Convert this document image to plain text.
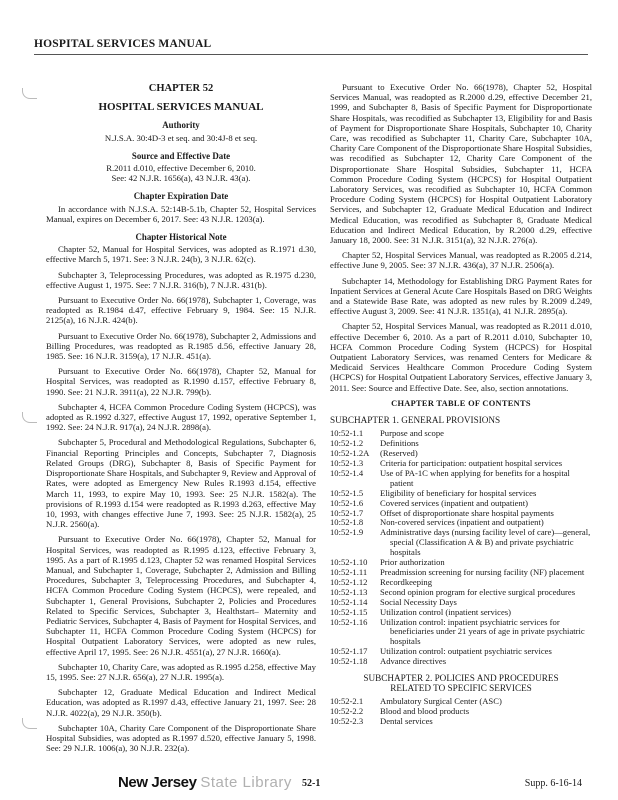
HOSPITAL SERVICES MANUAL
CHAPTER 52
HOSPITAL SERVICES MANUAL
Authority
N.J.S.A. 30:4D-3 et seq. and 30:4J-8 et seq.
Source and Effective Date
R.2011 d.010, effective December 6, 2010.
See: 42 N.J.R. 1656(a), 43 N.J.R. 43(a).
Chapter Expiration Date

In accordance with N.J.S.A. 52:14B-5.1b, Chapter 52, Hospital Services Manual, expires on December 6, 2017. See: 43 N.J.R. 1203(a).

Chapter Historical Note

Chapter 52, Manual for Hospital Services, was adopted as R.1971 d.30, effective March 5, 1971. See: 3 N.J.R. 24(b), 3 N.J.R. 62(c).

Subchapter 3, Teleprocessing Procedures, was adopted as R.1975 d.230, effective August 1, 1975. See: 7 N.J.R. 316(b), 7 N.J.R. 431(b).

Pursuant to Executive Order No. 66(1978), Subchapter 1, Coverage, was readopted as R.1984 d.47, effective February 9, 1984. See: 15 N.J.R. 2125(a), 16 N.J.R. 424(b).

Pursuant to Executive Order No. 66(1978), Subchapter 2, Admissions and Billing Procedures, was readopted as R.1985 d.56, effective January 28, 1985. See: 16 N.J.R. 3159(a), 17 N.J.R. 451(a).

Pursuant to Executive Order No. 66(1978), Chapter 52, Manual for Hospital Services, was readopted as R.1990 d.157, effective February 8, 1990. See: 21 N.J.R. 3911(a), 22 N.J.R. 799(b).

Subchapter 4, HCFA Common Procedure Coding System (HCPCS), was adopted as R.1992 d.327, effective August 17, 1992, operative September 1, 1992. See: 24 N.J.R. 917(a), 24 N.J.R. 2898(a).

Subchapter 5, Procedural and Methodological Regulations, Subchapter 6, Financial Reporting Principles and Concepts, Subchapter 7, Diagnosis Related Groups (DRG), Subchapter 8, Basis of Specific Payment for Disproportionate Share Hospitals, and Subchapter 9, Review and Approval of Rates, were adopted as Emergency New Rules R.1993 d.154, effective March 11, 1993, to expire May 10, 1993. See: 25 N.J.R. 1582(a). The provisions of R.1993 d.154 were readopted as R.1993 d.263, effective May 10, 1993, with changes effective June 7, 1993. See: 25 N.J.R. 1582(a), 25 N.J.R. 2560(a).

Pursuant to Executive Order No. 66(1978), Chapter 52, Manual for Hospital Services, was readopted as R.1995 d.123, effective February 3, 1995. As a part of R.1995 d.123, Chapter 52 was renamed Hospital Services Manual, and Subchapter 1, Coverage, Subchapter 2, Admission and Billing Procedures, Subchapter 3, Teleprocessing Procedures, and Subchapter 4, HCFA Common Procedure Coding System (HCPCS), were repealed, and Subchapter 1, General Provisions, Subchapter 2, Policies and Procedures Related to Specific Services, Subchapter 3, Healthstart– Maternity and Pediatric Services, Subchapter 4, Basis of Payment for Hospital Services, and Subchapter 11, HCFA Common Procedure Coding System (HCPCS) for Hospital Outpatient Laboratory Services, were adopted as new rules, effective April 17, 1995. See: 26 N.J.R. 4551(a), 27 N.J.R. 1660(a).

Subchapter 10, Charity Care, was adopted as R.1995 d.258, effective May 15, 1995. See: 27 N.J.R. 656(a), 27 N.J.R. 1995(a).

Subchapter 12, Graduate Medical Education and Indirect Medical Education, was adopted as R.1997 d.43, effective January 21, 1997. See: 28 N.J.R. 4022(a), 29 N.J.R. 350(b).

Subchapter 10A, Charity Care Component of the Disproportionate Share Hospital Subsidies, was adopted as R.1997 d.520, effective January 5, 1998. See: 29 N.J.R. 1006(a), 30 N.J.R. 232(a).

Pursuant to Executive Order No. 66(1978), Chapter 52, Hospital Services Manual, was readopted as R.2000 d.29, effective December 21, 1999, and Subchapter 8, Basis of Specific Payment for Disproportionate Share Hospitals, was recodified as Subchapter 13, Eligibility for and Basis of Payment for Disproportionate Share Hospitals, Subchapter 10, Charity Care, was recodified as Subchapter 11, Charity Care, Subchapter 10A, Charity Care Component of the Disproportionate Share Hospital Subsidies, was recodified as Subchapter 12, Charity Care Component of the Disproportionate Share Hospital Subsidies, Subchapter 11, HCFA Common Procedure Coding System (HCPCS) for Hospital Outpatient Laboratory Services, was recodified as Subchapter 10, HCFA Common Procedure Coding System (HCPCS) for Hospital Outpatient Laboratory Services, and Subchapter 12, Graduate Medical Education and Indirect Medical Education, was recodified as Subchapter 8, Graduate Medical Education and Indirect Medical Education, by R.2000 d.29, effective January 18, 2000. See: 31 N.J.R. 3151(a), 32 N.J.R. 276(a).

Chapter 52, Hospital Services Manual, was readopted as R.2005 d.214, effective June 9, 2005. See: 37 N.J.R. 436(a), 37 N.J.R. 2506(a).

Subchapter 14, Methodology for Establishing DRG Payment Rates for Inpatient Services at General Acute Care Hospitals Based on DRG Weights and a Statewide Base Rate, was adopted as new rules by R.2009 d.249, effective August 3, 2009. See: 41 N.J.R. 1351(a), 41 N.J.R. 2895(a).

Chapter 52, Hospital Services Manual, was readopted as R.2011 d.010, effective December 6, 2010. As a part of R.2011 d.010, Subchapter 10, HCFA Common Procedure Coding System (HCPCS) for Hospital Outpatient Laboratory Services, was renamed Centers for Medicare & Medicaid Services Healthcare Common Procedure Coding System (HCPCS) for Hospital Outpatient Laboratory Services, effective January 3, 2011. See: Source and Effective Date. See, also, section annotations.

CHAPTER TABLE OF CONTENTS
SUBCHAPTER 1. GENERAL PROVISIONS
10:52-1.1	Purpose and scope
10:52-1.2	Definitions
10:52-1.2A	(Reserved)
10:52-1.3	Criteria for participation: outpatient hospital services
10:52-1.4	Use of PA-1C when applying for benefits for a hospital patient
10:52-1.5	Eligibility of beneficiary for hospital services
10:52-1.6	Covered services (inpatient and outpatient)
10:52-1.7	Offset of disproportionate share hospital payments
10:52-1.8	Non-covered services (inpatient and outpatient)
10:52-1.9	Administrative days (nursing facility level of care)—general, special (Classification A & B) and private psychiatric hospitals
10:52-1.10	Prior authorization
10:52-1.11	Preadmission screening for nursing facility (NF) placement
10:52-1.12	Recordkeeping
10:52-1.13	Second opinion program for elective surgical procedures
10:52-1.14	Social Necessity Days
10:52-1.15	Utilization control (inpatient services)
10:52-1.16	Utilization control: inpatient psychiatric services for beneficiaries under 21 years of age in private psychiatric hospitals
10:52-1.17	Utilization control: outpatient psychiatric services
10:52-1.18	Advance directives
SUBCHAPTER 2. POLICIES AND PROCEDURES
RELATED TO SPECIFIC SERVICES
10:52-2.1	Ambulatory Surgical Center (ASC)
10:52-2.2	Blood and blood products
10:52-2.3	Dental services
New Jersey State Library 52-1	Supp. 6-16-14
